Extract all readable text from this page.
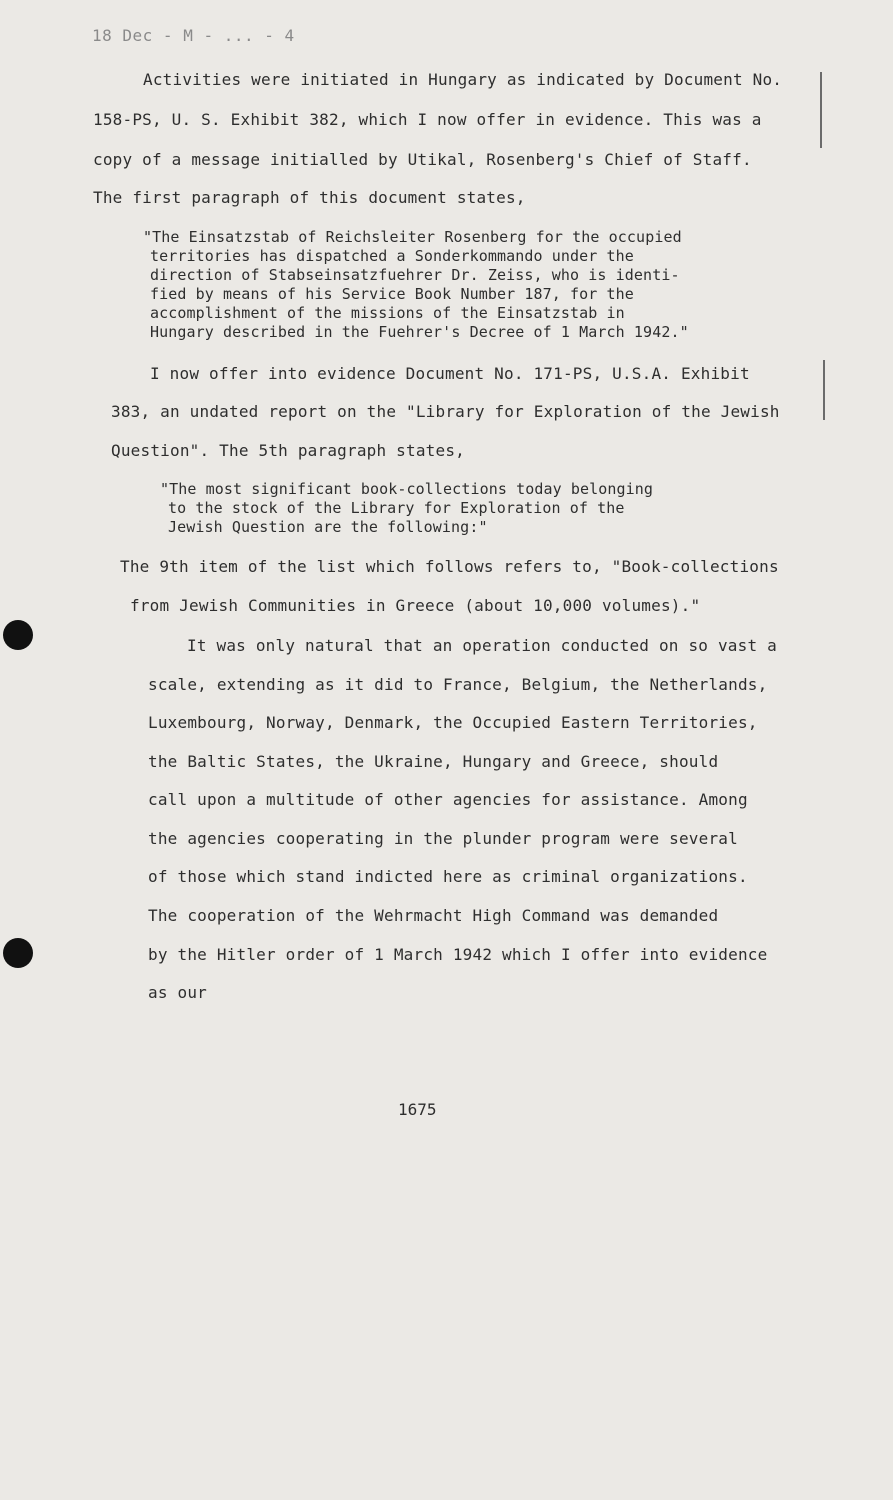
18 Dec - M - ... - 4
Activities were initiated in Hungary as indicated by Document No.
158-PS, U. S. Exhibit 382, which I now offer in evidence. This was a
copy of a message initialled by Utikal, Rosenberg's Chief of Staff.
The first paragraph of this document states,
"The Einsatzstab of Reichsleiter Rosenberg for the occupied
territories has dispatched a Sonderkommando under the
direction of Stabseinsatzfuehrer Dr. Zeiss, who is identi-
fied by means of his Service Book Number 187, for the
accomplishment of the missions of the Einsatzstab in
Hungary described in the Fuehrer's Decree of 1 March 1942."
I now offer into evidence Document No. 171-PS, U.S.A. Exhibit
383, an undated report on the "Library for Exploration of the Jewish
Question". The 5th paragraph states,
"The most significant book-collections today belonging
to the stock of the Library for Exploration of the
Jewish Question are the following:"
The 9th item of the list which follows refers to, "Book-collections
from Jewish Communities in Greece (about 10,000 volumes)."
It was only natural that an operation conducted on so vast a
scale, extending as it did to France, Belgium, the Netherlands,
Luxembourg, Norway, Denmark, the Occupied Eastern Territories,
the Baltic States, the Ukraine, Hungary and Greece, should
call upon a multitude of other agencies for assistance. Among
the agencies cooperating in the plunder program were several
of those which stand indicted here as criminal organizations.
The cooperation of the Wehrmacht High Command was demanded
by the Hitler order of 1 March 1942 which I offer into evidence
as our
1675
